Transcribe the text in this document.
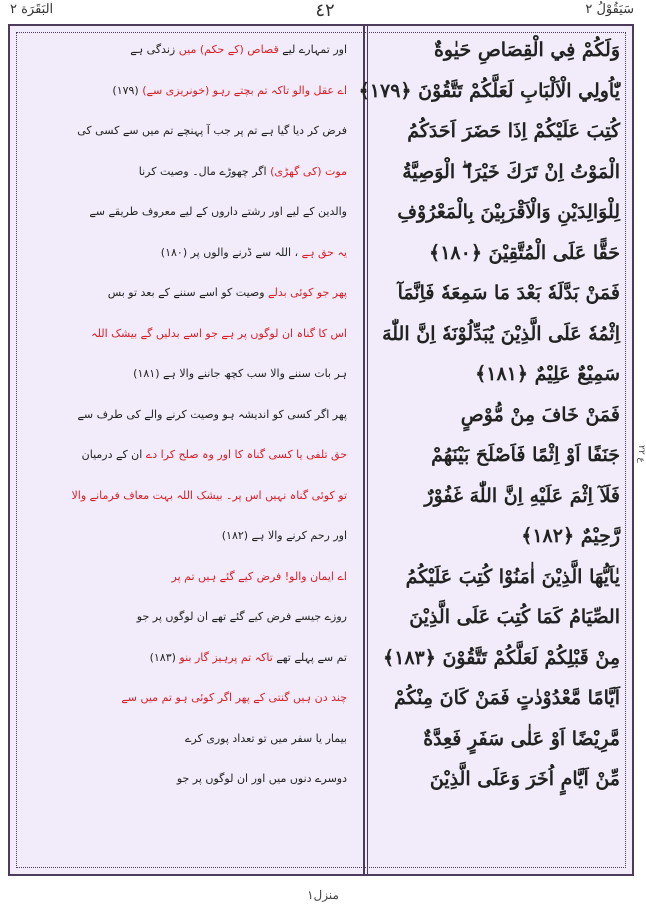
البَقَرَة ٢	٤٢	سَيَقُوْلُ ٢
وَلَكُمْ فِي الْقِصَاصِ حَيٰوةٌ
يّٰاُولِي الْاَلْبَابِ لَعَلَّكُمْ تَتَّقُوْنَ ﴿١٧٩﴾
كُتِبَ عَلَيْكُمْ اِذَا حَضَرَ اَحَدَكُمُ
الْمَوْتُ اِنْ تَرَكَ خَيْرَا ۖ الْوَصِيَّةُ
لِلْوَالِدَيْنِ وَالْاَقْرَبِيْنَ بِالْمَعْرُوْفِ
حَقًّا عَلَى الْمُتَّقِيْنَ ﴿١٨٠﴾
فَمَنْ بَدَّلَهٗ بَعْدَ مَا سَمِعَهٗ فَاِنَّمَآ
اِثْمُهٗ عَلَى الَّذِيْنَ يُبَدِّلُوْنَهٗ اِنَّ اللّٰهَ
سَمِيْعٌ عَلِيْمٌ ﴿١٨١﴾
فَمَنْ خَافَ مِنْ مُّوْصٍ
جَنَفًا اَوْ اِثْمًا فَاَصْلَحَ بَيْنَهُمْ
فَلَآ اِثْمَ عَلَيْهِ اِنَّ اللّٰهَ غَفُوْرٌ
رَّحِيْمٌ ﴿١٨٢﴾
يٰاَيُّهَا الَّذِيْنَ اٰمَنُوْا كُتِبَ عَلَيْكُمُ
الصِّيَامُ كَمَا كُتِبَ عَلَى الَّذِيْنَ
مِنْ قَبْلِكُمْ لَعَلَّكُمْ تَتَّقُوْنَ ﴿١٨٣﴾
اَيَّامًا مَّعْدُوْدٰتٍ فَمَنْ كَانَ مِنْكُمْ
مَّرِيْضًا اَوْ عَلٰى سَفَرٍ فَعِدَّةٌ
مِّنْ اَيَّامٍ اُخَرَ وَعَلَى الَّذِيْنَ
اور تمہارے لیے قصاص (کے حکم) میں زندگی ہے
اے عقل والو تاکہ تم بچتے رہو (خونریزی سے) (١٧٩)
فرض کر دیا گیا ہے تم پر جب آ پہنچے تم میں سے کسی کی
موت (کی گھڑی) اگر چھوڑے مال۔ وصیت کرنا
والدین کے لیے اور رشتے داروں کے لیے معروف طریقے سے
یہ حق ہے ، اللہ سے ڈرنے والوں پر (١٨٠)
پھر جو کوئی بدلے وصیت کو اسے سننے کے بعد تو بس
اس کا گناہ ان لوگوں پر ہے جو اسے بدلیں گے بیشک اللہ
ہر بات سننے والا سب کچھ جاننے والا ہے (١٨١)
پھر اگر کسی کو اندیشہ ہو وصیت کرنے والے کی طرف سے
حق تلفی یا کسی گناہ کا اور وہ صلح کرا دے ان کے درمیان
تو کوئی گناہ نہیں اس پر۔ بیشک اللہ بہت معاف فرمانے والا
اور رحم کرنے والا ہے (١٨٢)
اے ایمان والو! فرض کیے گئے ہیں تم پر
روزے جیسے فرض کیے گئے تھے ان لوگوں پر جو
تم سے پہلے تھے تاکہ تم پرہیز گار بنو (١٨٣)
چند دن ہیں گنتی کے پھر اگر کوئی ہو تم میں سے
بیمار یا سفر میں تو تعداد پوری کرے
دوسرے دنوں میں اور ان لوگوں پر جو
ع ٢٢
منزل١
